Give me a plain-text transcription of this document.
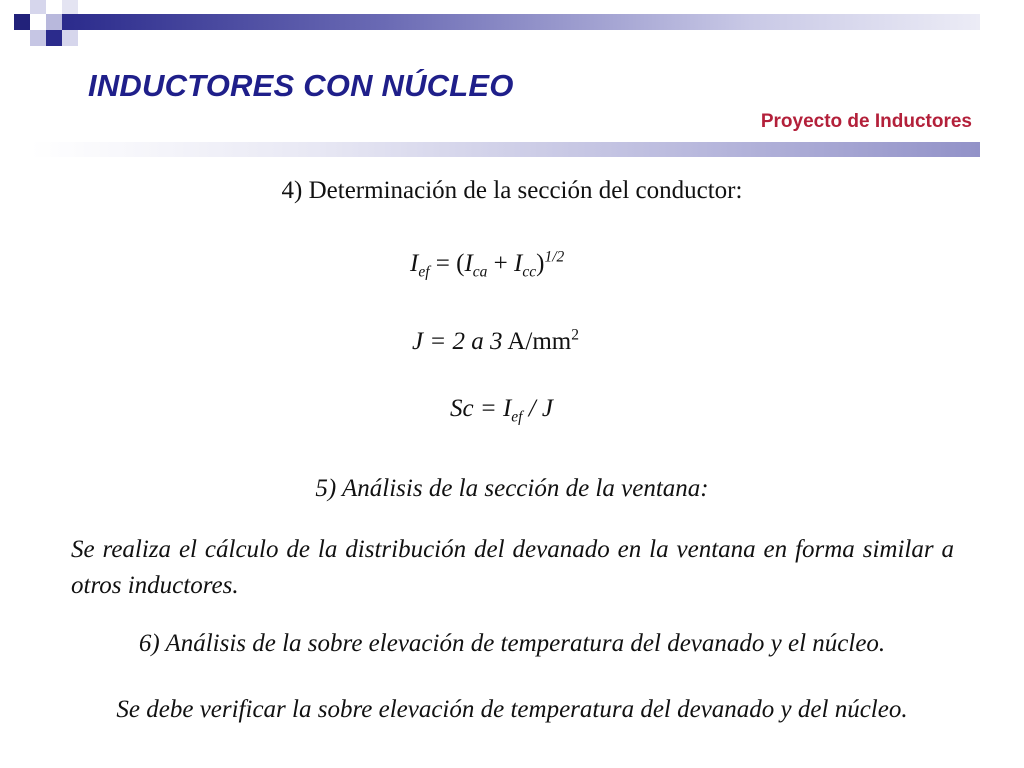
INDUCTORES CON NÚCLEO
Proyecto de Inductores
4) Determinación de la sección del conductor:
$I_{ef} = (I_{ca} + I_{cc})^{1/2}$
J = 2 a 3 $A/mm^2$
$Sc = I_{ef} / J$
5) Análisis de la sección de la ventana:
Se realiza el cálculo de la distribución del devanado en la ventana en forma similar a otros inductores.
6) Análisis de la sobre elevación de temperatura del devanado y el núcleo.
Se debe verificar la sobre elevación de temperatura del devanado y del núcleo.
